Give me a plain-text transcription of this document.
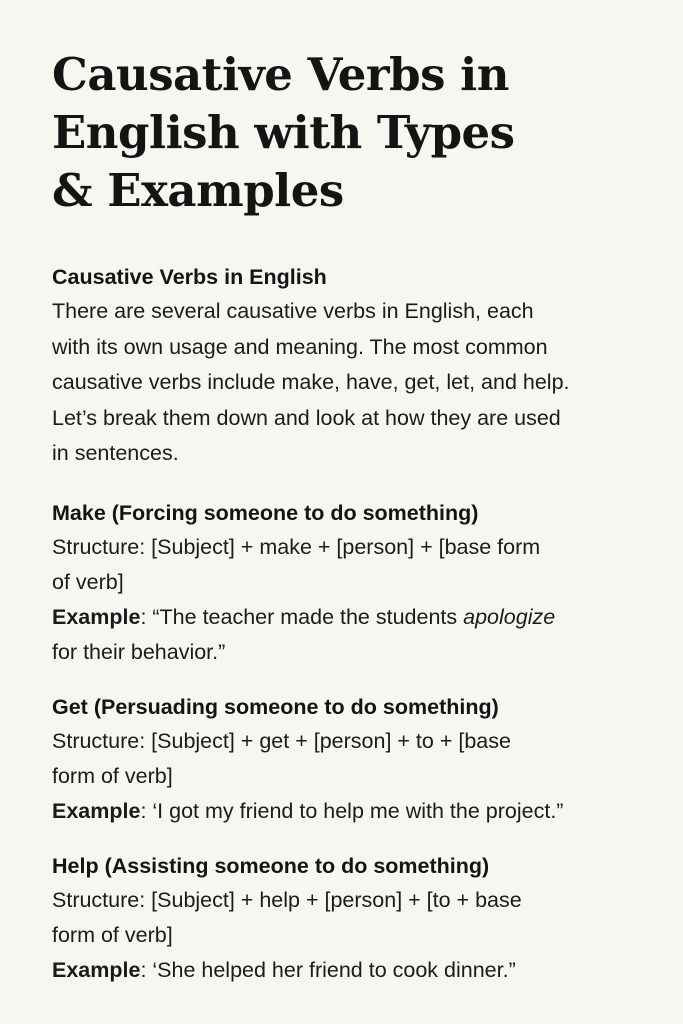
Causative Verbs in
English with Types
& Examples
Causative Verbs in English
There are several causative verbs in English, each
with its own usage and meaning. The most common
causative verbs include make, have, get, let, and help.
Let’s break them down and look at how they are used
in sentences.
Make (Forcing someone to do something)
Structure: [Subject] + make + [person] + [base form
of verb]
Example: “The teacher made the students apologize
for their behavior.”
Get (Persuading someone to do something)
Structure: [Subject] + get + [person] + to + [base
form of verb]
Example: ‘I got my friend to help me with the project.”
Help (Assisting someone to do something)
Structure: [Subject] + help + [person] + [to + base
form of verb]
Example: ‘She helped her friend to cook dinner.”
